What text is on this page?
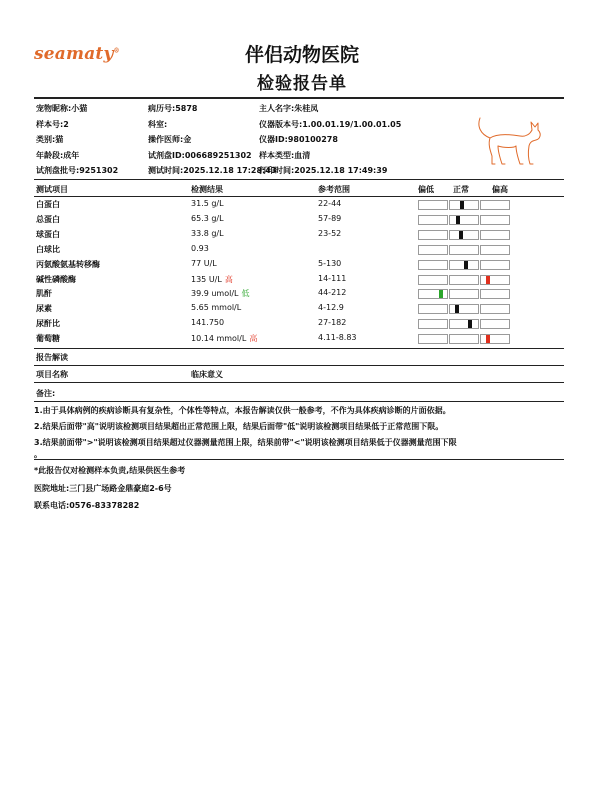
seamaty®	伴侣动物医院
检验报告单
宠物昵称:小猫	病历号:5878	主人名字:朱桂凤
样本号:2	科室:	仪器版本号:1.00.01.19/1.00.01.05
类别:猫	操作医师:金	仪器ID:980100278
年龄段:成年	试剂盘ID:006689251302 样本类型:血清
试剂盘批号:9251302	测试时间:2025.12.18 17:28:43
打印时间:2025.12.18 17:49:39
测试项目	检测结果	参考范围	偏低 正常	偏高
白蛋白	31.5 g/L	22-44
总蛋白	65.3 g/L	57-89
球蛋白	33.8 g/L	23-52
白球比	0.93
丙氨酸氨基转移酶	77 U/L	5-130
碱性磷酸酶	135 U/L 高	14-111
肌酐	39.9 umol/L 低	44-212
尿素	5.65 mmol/L	4-12.9
尿酐比	141.750	27-182
葡萄糖	10.14 mmol/L 高	4.11-8.83
报告解读
项目名称	临床意义
备注:
1.由于具体病例的疾病诊断具有复杂性，个体性等特点，本报告解读仅供一般参考，不作为具体疾病诊断的片面依据。
2.结果后面带"高"说明该检测项目结果超出正常范围上限，结果后面带"低"说明该检测项目结果低于正常范围下限。
3.结果前面带">"说明该检测项目结果超过仪器测量范围上限，结果前带"<"说明该检测项目结果低于仪器测量范围下限
。
*此报告仅对检测样本负责,结果供医生参考
医院地址:三门县广场路金鼎豪庭2-6号
联系电话:0576-83378282
